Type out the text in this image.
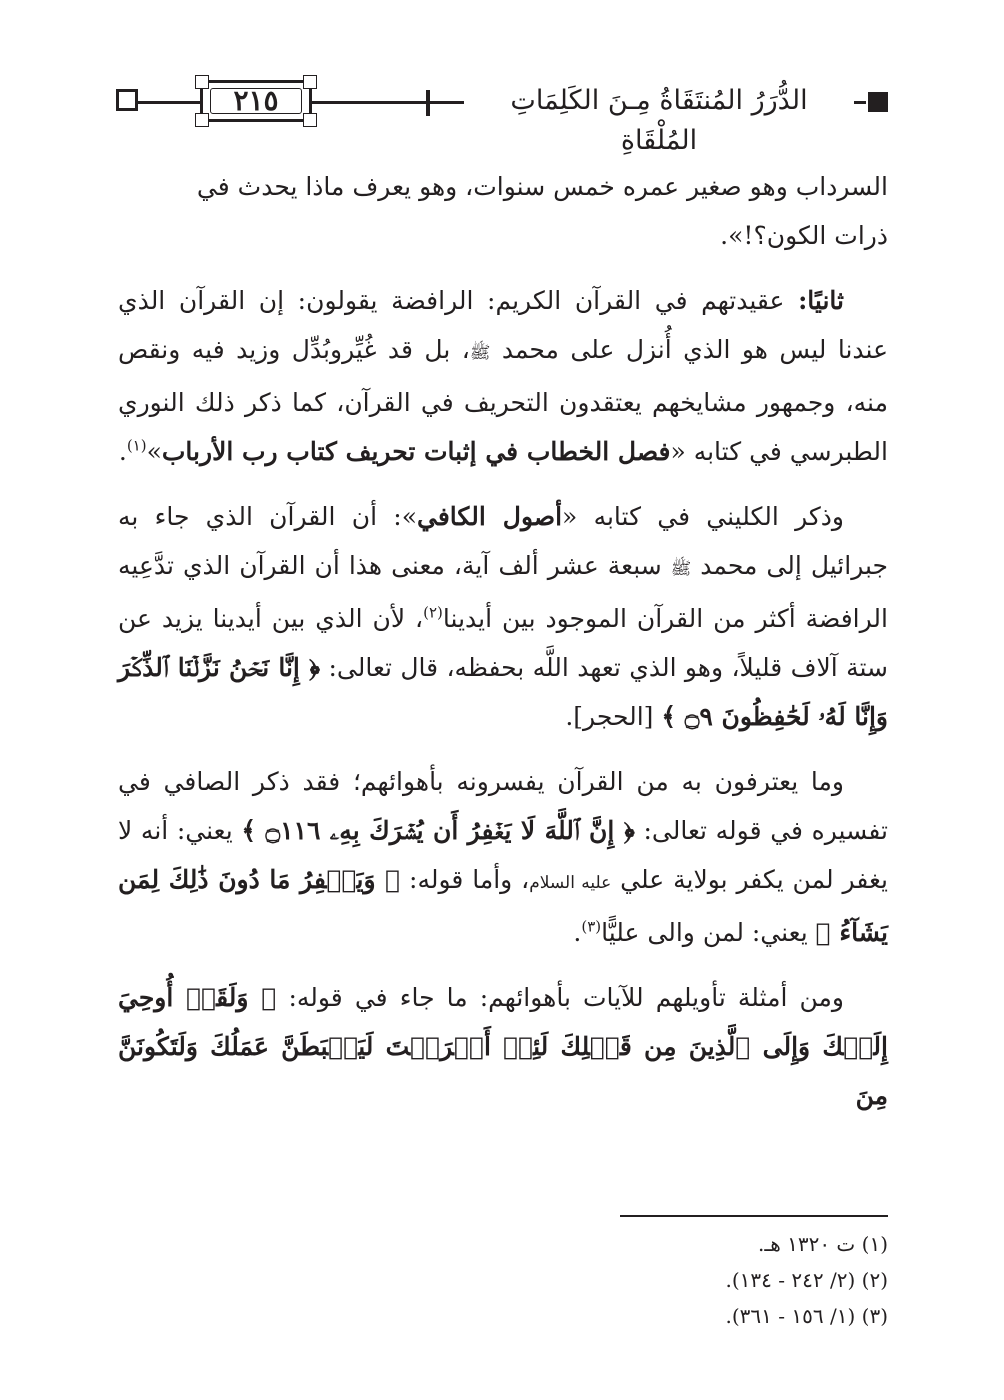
٢١٥	الدُّرَرُ المُنتَقَاةُ مِـنَ الكَلِمَاتِ المُلْقَاةِ

السرداب وهو صغير عمره خمس سنوات، وهو يعرف ماذا يحدث في
ذرات الكون؟!».

ثانيًا: عقيدتهم في القرآن الكريم: الرافضة يقولون: إن القرآن الذي عندنا ليس هو الذي أُنزل على محمد ﷺ، بل قد غُيِّروبُدِّل وزيد فيه ونقص منه، وجمهور مشايخهم يعتقدون التحريف في القرآن، كما ذكر ذلك النوري الطبرسي في كتابه «فصل الخطاب في إثبات تحريف كتاب رب الأرباب»$^{(١)}$.

وذكر الكليني في كتابه «أصول الكافي»: أن القرآن الذي جاء به جبرائيل إلى محمد ﷺ سبعة عشر ألف آية، معنى هذا أن القرآن الذي تدَّعِيه الرافضة أكثر من القرآن الموجود بين أيدينا$^{(٢)}$، لأن الذي بين أيدينا يزيد عن ستة آلاف قليلاً، وهو الذي تعهد اللَّه بحفظه، قال تعالى: ﴿ إِنَّا نَحۡنُ نَزَّلۡنَا ٱلذِّكۡرَ وَإِنَّا لَهُۥ لَحَٰفِظُونَ ۝٩ ﴾ [الحجر].

وما يعترفون به من القرآن يفسرونه بأهوائهم؛ فقد ذكر الصافي في تفسيره في قوله تعالى: ﴿ إِنَّ ٱللَّهَ لَا يَغۡفِرُ أَن يُشۡرَكَ بِهِۦ ۝١١٦ ﴾ يعني: أنه لا يغفر لمن يكفر بولاية علي عليه السلام، وأما قوله: ﴿ وَيَغۡفِرُ مَا دُونَ ذَٰلِكَ لِمَن يَشَآءُ ﴾ يعني: لمن والى عليًّا$^{(٣)}$.

ومن أمثلة تأويلهم للآيات بأهوائهم: ما جاء في قوله: ﴿ وَلَقَدۡ أُوحِيَ إِلَيۡكَ وَإِلَى ٱلَّذِينَ مِن قَبۡلِكَ لَئِنۡ أَشۡرَكۡتَ لَيَحۡبَطَنَّ عَمَلُكَ وَلَتَكُونَنَّ مِنَ

(١) ت ١٣٢٠ هـ.

(٢) (٢/ ٢٤٢ - ١٣٤).

(٣) (١/ ١٥٦ - ٣٦١).
